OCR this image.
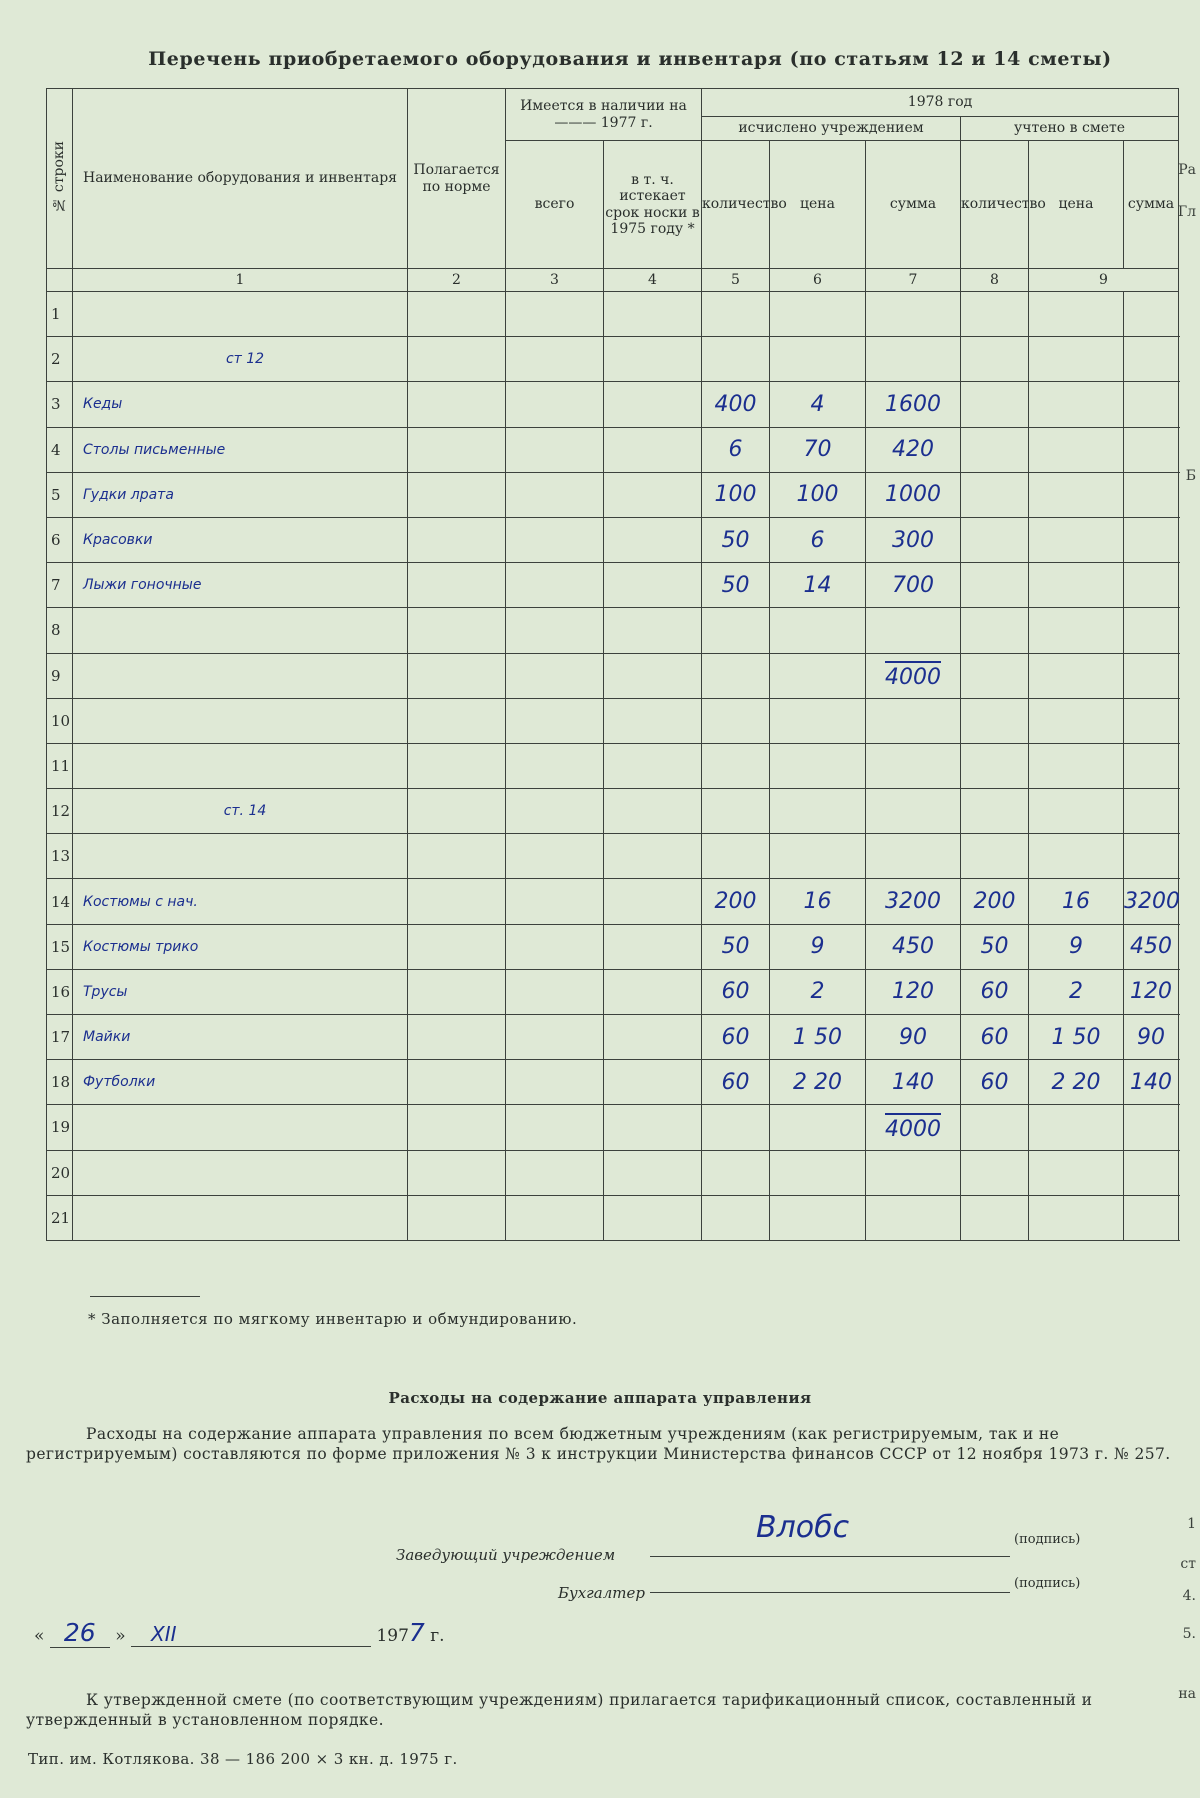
Перечень приобретаемого оборудования и инвентаря (по статьям 12 и 14 сметы)
№ строки	Наименование оборудования и инвентаря	Полагается по норме	Имеется в наличии на ——— 1977 г.		1978 год					
					исчислено учреждением			учтено в смете		
			всего	в т. ч. истекает срок носки в 1975 году *	количество	цена	сумма	количество	цена	сумма
	1	2	3	4	5	6	7	8	9	
1										
2	ст 12									
3	Кеды				400	4	1600			
4	Столы письменные				6	70	420			
5	Гудки лрата				100	100	1000			
6	Красовки				50	6	300			
7	Лыжи гоночные				50	14	700			
8										
9							4000			
10										
11										
12	ст. 14									
13										
14	Костюмы с нач.				200	16	3200	200	16	3200
15	Костюмы трико				50	9	450	50	9	450
16	Трусы				60	2	120	60	2	120
17	Майки				60	1 50	90	60	1 50	90
18	Футболки				60	2 20	140	60	2 20	140
19							4000			
20										
21										
* Заполняется по мягкому инвентарю и обмундированию.
Расходы на содержание аппарата управления
Расходы на содержание аппарата управления по всем бюджетным учреждениям (как регистрируемым, так и не регистрируемым) составляются по форме приложения № 3 к инструкции Министерства финансов СССР от 12 ноября 1973 г. № 257.
Заведующий учреждением
Влобс	(подпись)
Бухгалтер
(подпись)
« 26 » XII	1977 г.
К утвержденной смете (по соответствующим учреждениям) прилагается тарификационный список, составленный и утвержденный в установленном порядке.
Тип. им. Котлякова. 38 — 186 200 × 3 кн. д. 1975 г.
Ра
Гл
Б
1
ст
4.
5.
на
